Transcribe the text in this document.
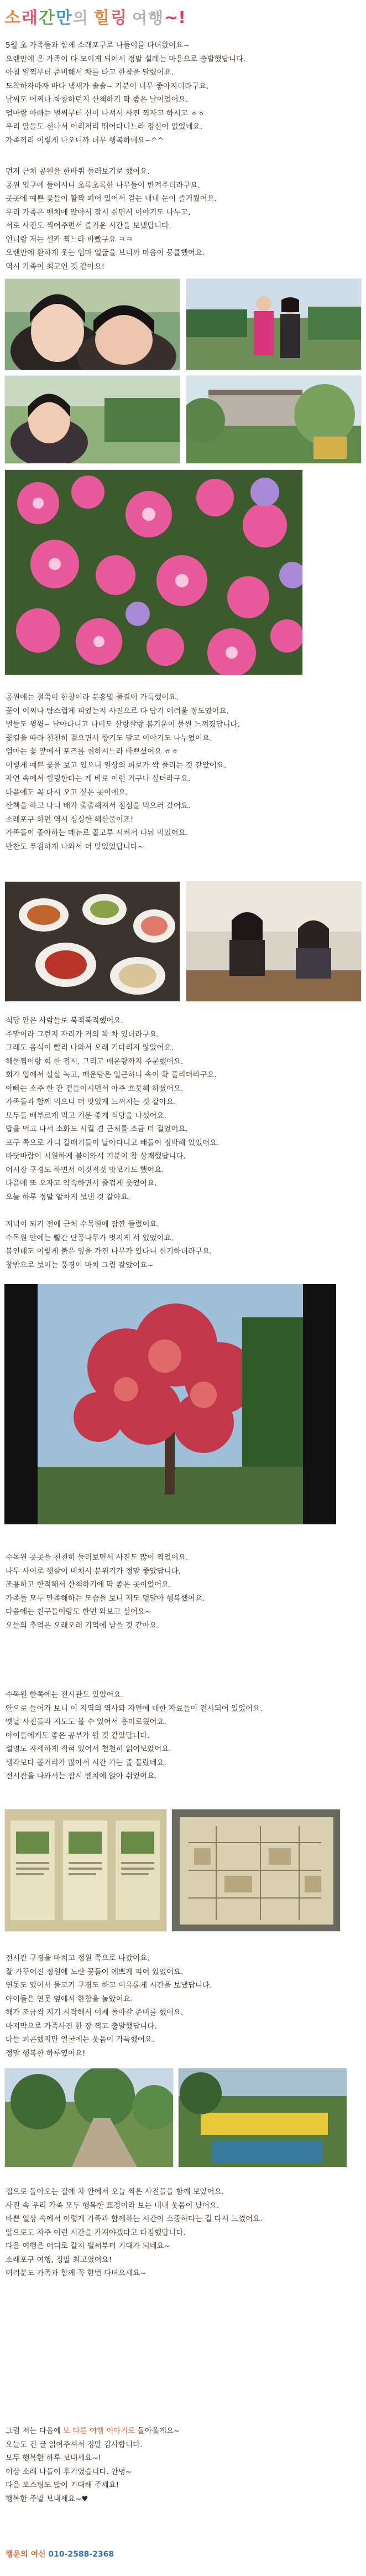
소 래 간 만 의 힐 링 여 행 ~!

5월 초 가족들과 함께 소래포구로 나들이를 다녀왔어요~

오랜만에 온 가족이 다 모이게 되어서 정말 설레는 마음으로 출발했답니다.

아침 일찍부터 준비해서 차를 타고 한참을 달렸어요.

도착하자마자 바다 냄새가 솔솔~ 기분이 너무 좋아지더라구요.

날씨도 어찌나 화창하던지 산책하기 딱 좋은 날이었어요.

엄마랑 아빠는 벌써부터 신이 나셔서 사진 찍자고 하시고 ㅎㅎ

우리 딸들도 신나서 이리저리 뛰어다니느라 정신이 없었네요.

가족끼리 이렇게 나오니까 너무 행복하네요~^^

먼저 근처 공원을 한바퀴 둘러보기로 했어요.

공원 입구에 들어서니 초록초록한 나무들이 반겨주더라구요.

곳곳에 예쁜 꽃들이 활짝 피어 있어서 걷는 내내 눈이 즐거웠어요.

우리 가족은 벤치에 앉아서 잠시 쉬면서 이야기도 나누고,

서로 사진도 찍어주면서 즐거운 시간을 보냈답니다.

언니랑 저는 셀카 찍느라 바빴구요 ㅋㅋ

오랜만에 환하게 웃는 엄마 얼굴을 보니까 마음이 뭉클했어요.

역시 가족이 최고인 것 같아요!

공원에는 철쭉이 한창이라 분홍빛 물결이 가득했어요.

꽃이 어찌나 탐스럽게 피었는지 사진으로 다 담기 어려울 정도였어요.

벌들도 윙윙~ 날아다니고 나비도 살랑살랑 봄기운이 물씬 느껴졌답니다.

꽃길을 따라 천천히 걸으면서 향기도 맡고 이야기도 나누었어요.

엄마는 꽃 앞에서 포즈를 취하시느라 바쁘셨어요 ㅎㅎ

이렇게 예쁜 꽃을 보고 있으니 일상의 피로가 싹 풀리는 것 같았어요.

자연 속에서 힐링한다는 게 바로 이런 거구나 싶더라구요.

다음에도 꼭 다시 오고 싶은 곳이에요.

산책을 하고 나니 배가 출출해져서 점심을 먹으러 갔어요.

소래포구 하면 역시 싱싱한 해산물이죠!

가족들이 좋아하는 메뉴로 골고루 시켜서 나눠 먹었어요.

반찬도 푸짐하게 나와서 더 맛있었답니다~

식당 안은 사람들로 북적북적했어요.

주말이라 그런지 자리가 거의 꽉 차 있더라구요.

그래도 음식이 빨리 나와서 오래 기다리지 않았어요.

해물찜이랑 회 한 접시, 그리고 매운탕까지 주문했어요.

회가 입에서 살살 녹고, 매운탕은 얼큰하니 속이 확 풀리더라구요.

아빠는 소주 한 잔 곁들이시면서 아주 흐뭇해 하셨어요.

가족들과 함께 먹으니 더 맛있게 느껴지는 것 같아요.

모두들 배부르게 먹고 기분 좋게 식당을 나섰어요.

밥을 먹고 나서 소화도 시킬 겸 근처를 조금 더 걸었어요.

포구 쪽으로 가니 갈매기들이 날아다니고 배들이 정박해 있었어요.

바닷바람이 시원하게 불어와서 기분이 참 상쾌했답니다.

어시장 구경도 하면서 이것저것 맛보기도 했어요.

다음에 또 오자고 약속하면서 즐겁게 웃었어요.

오늘 하루 정말 알차게 보낸 것 같아요.

저녁이 되기 전에 근처 수목원에 잠깐 들렀어요.

수목원 안에는 빨간 단풍나무가 멋지게 서 있었어요.

봄인데도 이렇게 붉은 잎을 가진 나무가 있다니 신기하더라구요.

창밖으로 보이는 풍경이 마치 그림 같았어요~

수목원 곳곳을 천천히 둘러보면서 사진도 많이 찍었어요.

나무 사이로 햇살이 비쳐서 분위기가 정말 좋았답니다.

조용하고 한적해서 산책하기에 딱 좋은 곳이었어요.

가족들 모두 만족해하는 모습을 보니 저도 덩달아 행복했어요.

다음에는 친구들이랑도 한번 와보고 싶어요~

오늘의 추억은 오래오래 기억에 남을 것 같아요.

수목원 한쪽에는 전시관도 있었어요.

안으로 들어가 보니 이 지역의 역사와 자연에 대한 자료들이 전시되어 있었어요.

옛날 사진들과 지도도 볼 수 있어서 흥미로웠어요.

아이들에게도 좋은 공부가 될 것 같았답니다.

설명도 자세하게 적혀 있어서 천천히 읽어보았어요.

생각보다 볼거리가 많아서 시간 가는 줄 몰랐네요.

전시관을 나와서는 잠시 벤치에 앉아 쉬었어요.

전시관 구경을 마치고 정원 쪽으로 나갔어요.

잘 가꾸어진 정원에 노란 꽃들이 예쁘게 피어 있었어요.

연못도 있어서 물고기 구경도 하고 여유롭게 시간을 보냈답니다.

아이들은 연못 옆에서 한참을 놀았어요.

해가 조금씩 지기 시작해서 이제 돌아갈 준비를 했어요.

마지막으로 가족사진 한 장 찍고 출발했답니다.

다들 피곤했지만 얼굴에는 웃음이 가득했어요.

정말 행복한 하루였어요!

집으로 돌아오는 길에 차 안에서 오늘 찍은 사진들을 함께 보았어요.

사진 속 우리 가족 모두 행복한 표정이라 보는 내내 웃음이 났어요.

바쁜 일상 속에서 이렇게 가족과 함께하는 시간이 소중하다는 걸 다시 느꼈어요.

앞으로도 자주 이런 시간을 가져야겠다고 다짐했답니다.

다음 여행은 어디로 갈지 벌써부터 기대가 되네요~

소래포구 여행, 정말 최고였어요!

여러분도 가족과 함께 꼭 한번 다녀오세요~

그럼 저는 다음에 또 다른 여행 이야기로 돌아올게요~

오늘도 긴 글 읽어주셔서 정말 감사합니다.

모두 행복한 하루 보내세요~!

이상 소래 나들이 후기였습니다. 안녕~

다음 포스팅도 많이 기대해 주세요!

행복한 주말 보내세요~♥

행운의 여신 010-2588-2368
